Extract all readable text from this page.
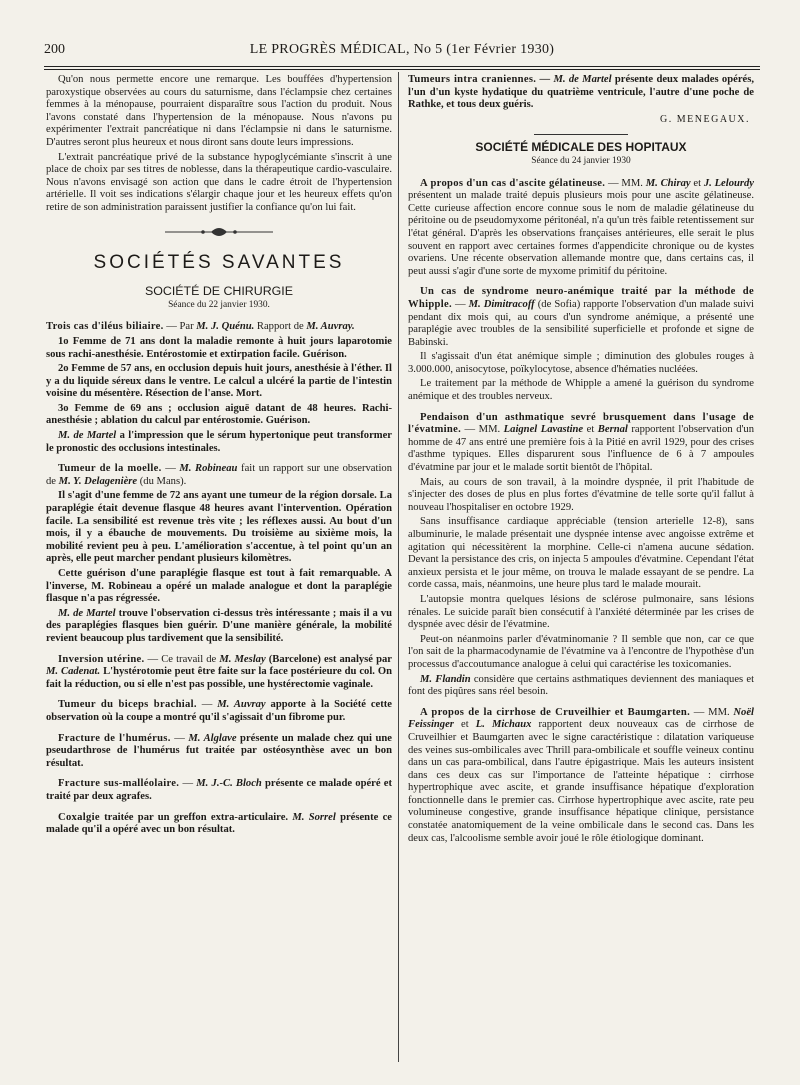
200	LE PROGRÈS MÉDICAL, No 5 (1er Février 1930)

Qu'on nous permette encore une remarque. Les bouffées d'hypertension paroxystique observées au cours du saturnisme, dans l'éclampsie chez certaines femmes à la ménopause, pourraient disparaître sous l'action du produit. Nous l'avons constaté dans l'hypertension de la ménopause. Nous n'avons pu expérimenter l'extrait pancréatique ni dans l'éclampsie ni dans le saturnisme. D'autres seront plus heureux et nous diront sans doute leurs impressions.

L'extrait pancréatique privé de la substance hypoglycémiante s'inscrit à une place de choix par ses titres de noblesse, dans la thérapeutique cardio-vasculaire. Nous n'avons envisagé son action que dans le cadre étroit de l'hypertension artérielle. Il voit ses indications s'élargir chaque jour et les heureux effets qu'on retire de son administration paraissent justifier la confiance qu'on lui fait.

SOCIÉTÉS SAVANTES
SOCIÉTÉ DE CHIRURGIE
Séance du 22 janvier 1930.

Trois cas d'iléus biliaire. — Par M. J. Quénu. Rapport de M. Auvray.

1o Femme de 71 ans dont la maladie remonte à huit jours laparotomie sous rachi-anesthésie. Entérostomie et extirpation facile. Guérison.

2o Femme de 57 ans, en occlusion depuis huit jours, anesthésie à l'éther. Il y a du liquide séreux dans le ventre. Le calcul a ulcéré la partie de l'intestin voisine du mésentère. Résection de l'anse. Mort.

3o Femme de 69 ans ; occlusion aiguë datant de 48 heures. Rachi-anesthésie ; ablation du calcul par entérostomie. Guérison.

M. de Martel a l'impression que le sérum hypertonique peut transformer le pronostic des occlusions intestinales.

Tumeur de la moelle. — M. Robineau fait un rapport sur une observation de M. Y. Delagenière (du Mans).

Il s'agit d'une femme de 72 ans ayant une tumeur de la région dorsale. La paraplégie était devenue flasque 48 heures avant l'intervention. Opération facile. La sensibilité est revenue très vite ; les réflexes aussi. Au bout d'un mois, il y a ébauche de mouvements. Du troisième au sixième mois, la mobilité revient peu à peu. L'amélioration s'accentue, à tel point qu'un an après, elle peut marcher pendant plusieurs kilomètres.

Cette guérison d'une paraplégie flasque est tout à fait remarquable. A l'inverse, M. Robineau a opéré un malade analogue et dont la paraplégie flasque n'a pas régressée.

M. de Martel trouve l'observation ci-dessus très intéressante ; mais il a vu des paraplégies flasques bien guérir. D'une manière générale, la mobilité revient beaucoup plus tardivement que la sensibilité.

Inversion utérine. — Ce travail de M. Meslay (Barcelone) est analysé par M. Cadenat. L'hystérotomie peut être faite sur la face postérieure du col. On fait la réduction, ou si elle n'est pas possible, une hystérectomie vaginale.

Tumeur du biceps brachial. — M. Auvray apporte à la Société cette observation où la coupe a montré qu'il s'agissait d'un fibrome pur.

Fracture de l'humérus. — M. Alglave présente un malade chez qui une pseudarthrose de l'humérus fut traitée par ostéosynthèse avec un bon résultat.

Fracture sus-malléolaire. — M. J.-C. Bloch présente ce malade opéré et traité par deux agrafes.

Coxalgie traitée par un greffon extra-articulaire. M. Sorrel présente ce malade qu'il a opéré avec un bon résultat.

Tumeurs intra craniennes. — M. de Martel présente deux malades opérés, l'un d'un kyste hydatique du quatrième ventricule, l'autre d'une poche de Rathke, et tous deux guéris.

G. MENEGAUX.
SOCIÉTÉ MÉDICALE DES HOPITAUX
Séance du 24 janvier 1930

A propos d'un cas d'ascite gélatineuse. — MM. M. Chiray et J. Lelourdy présentent un malade traité depuis plusieurs mois pour une ascite gélatineuse. Cette curieuse affection encore connue sous le nom de maladie gélatineuse du péritoine ou de pseudomyxome péritonéal, n'a qu'un très faible retentissement sur l'état général. D'après les observations françaises antérieures, elle serait le plus souvent en rapport avec certaines formes d'appendicite chronique ou de kystes ovariens. Une récente observation allemande montre que, dans certains cas, il peut aussi s'agir d'une sorte de myxome primitif du péritoine.

Un cas de syndrome neuro-anémique traité par la méthode de Whipple. — M. Dimitracoff (de Sofia) rapporte l'observation d'un malade suivi pendant dix mois qui, au cours d'un syndrome anémique, a présenté une paraplégie avec troubles de la sensibilité superficielle et profonde et signe de Babinski.

Il s'agissait d'un état anémique simple ; diminution des globules rouges à 3.000.000, anisocytose, poïkylocytose, absence d'hématies nucléées.

Le traitement par la méthode de Whipple a amené la guérison du syndrome anémique et des troubles nerveux.

Pendaison d'un asthmatique sevré brusquement dans l'usage de l'évatmine. — MM. Laignel Lavastine et Bernal rapportent l'observation d'un homme de 47 ans entré une première fois à la Pitié en avril 1929, pour des crises d'asthme typiques. Elles disparurent sous l'influence de 6 à 7 ampoules d'évatmine par jour et le malade sortit bientôt de l'hôpital.

Mais, au cours de son travail, à la moindre dyspnée, il prit l'habitude de s'injecter des doses de plus en plus fortes d'évatmine de telle sorte qu'il fallut à nouveau l'hospitaliser en octobre 1929.

Sans insuffisance cardiaque appréciable (tension arterielle 12-8), sans albuminurie, le malade présentait une dyspnée intense avec angoisse extrême et agitation qui nécessitèrent la morphine. Celle-ci n'amena aucune sédation. Devant la persistance des cris, on injecta 5 ampoules d'évatmine. Cependant l'état anxieux persista et le jour même, on trouva le malade essayant de se pendre. La corde cassa, mais, néanmoins, une heure plus tard le malade mourait.

L'autopsie montra quelques lésions de sclérose pulmonaire, sans lésions rénales. Le suicide paraît bien consécutif à l'anxiété déterminée par les crises de dyspnée avec désir de l'évatmine.

Peut-on néanmoins parler d'évatminomanie ? Il semble que non, car ce que l'on sait de la pharmacodynamie de l'évatmine va à l'encontre de l'hypothèse d'un processus d'accoutumance analogue à celui qui caractérise les toxicomanies.

M. Flandin considère que certains asthmatiques deviennent des maniaques et font des piqûres sans réel besoin.

A propos de la cirrhose de Cruveilhier et Baumgarten. — MM. Noël Feissinger et L. Michaux rapportent deux nouveaux cas de cirrhose de Cruveilhier et Baumgarten avec le signe caractéristique : dilatation variqueuse des veines sus-ombilicales avec Thrill para-ombilicale et souffle veineux continu dans un cas para-ombilical, dans l'autre épigastrique. Mais les auteurs insistent dans ces deux cas sur l'importance de l'atteinte hépatique : cirrhose hypertrophique avec ascite, et grande insuffisance hépatique d'exploration fonctionnelle dans le premier cas. Cirrhose hypertrophique avec ascite, rate peu volumineuse congestive, grande insuffisance hépatique clinique, persistance constatée anatomiquement de la veine ombilicale dans le second cas. Dans les deux cas, l'alcoolisme semble avoir joué le rôle étiologique dominant.
